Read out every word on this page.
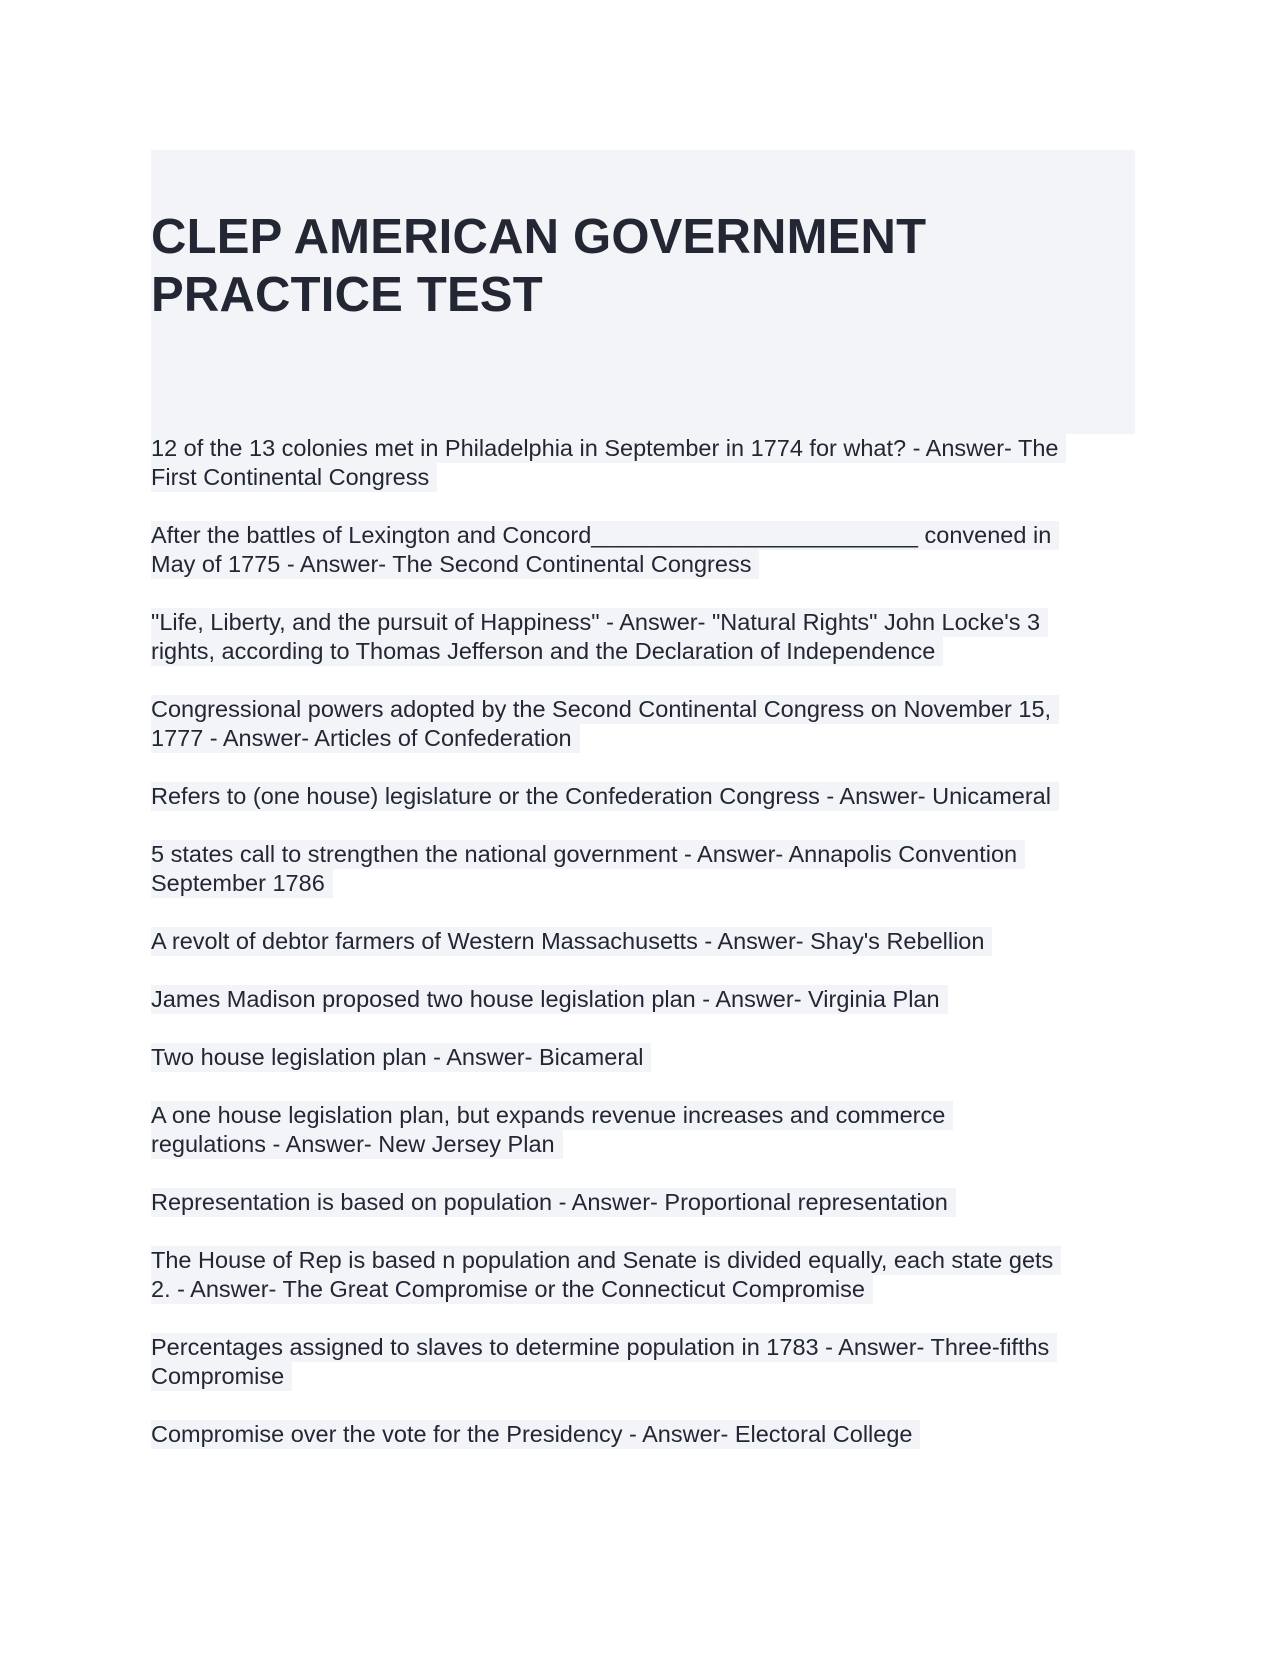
CLEP AMERICAN GOVERNMENT
PRACTICE TEST
12 of the 13 colonies met in Philadelphia in September in 1774 for what? - Answer- The
First Continental Congress
After the battles of Lexington and Concord_________________________ convened in
May of 1775 - Answer- The Second Continental Congress
"Life, Liberty, and the pursuit of Happiness" - Answer- "Natural Rights" John Locke's 3
rights, according to Thomas Jefferson and the Declaration of Independence
Congressional powers adopted by the Second Continental Congress on November 15,
1777 - Answer- Articles of Confederation
Refers to (one house) legislature or the Confederation Congress - Answer- Unicameral
5 states call to strengthen the national government - Answer- Annapolis Convention
September 1786
A revolt of debtor farmers of Western Massachusetts - Answer- Shay's Rebellion
James Madison proposed two house legislation plan - Answer- Virginia Plan
Two house legislation plan - Answer- Bicameral
A one house legislation plan, but expands revenue increases and commerce
regulations - Answer- New Jersey Plan
Representation is based on population - Answer- Proportional representation
The House of Rep is based n population and Senate is divided equally, each state gets
2. - Answer- The Great Compromise or the Connecticut Compromise
Percentages assigned to slaves to determine population in 1783 - Answer- Three-fifths
Compromise
Compromise over the vote for the Presidency - Answer- Electoral College
